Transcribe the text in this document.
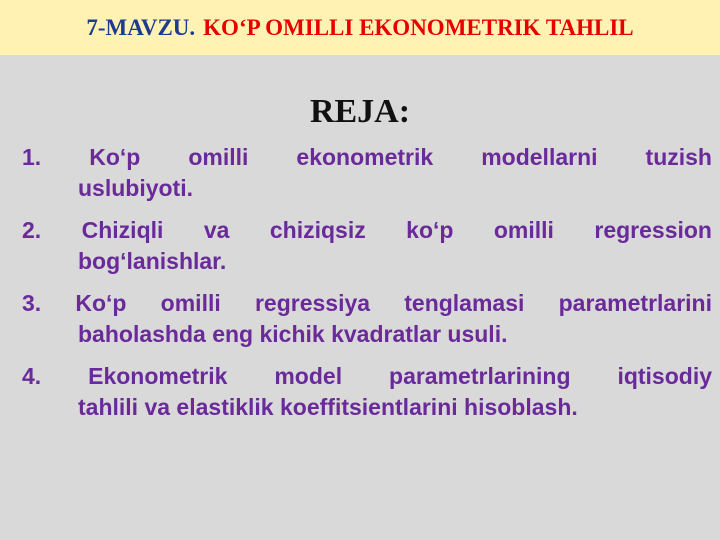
7-MAVZU. KO‘P OMILLI EKONOMETRIK TAHLIL
REJA:
1. Ko‘p omilli ekonometrik modellarni tuzish
uslubiyoti.
2. Chiziqli va chiziqsiz ko‘p omilli regression
bog‘lanishlar.
3. Ko‘p omilli regressiya tenglamasi parametrlarini
baholashda eng kichik kvadratlar usuli.
4. Ekonometrik model parametrlarining iqtisodiy
tahlili va elastiklik koeffitsientlarini hisoblash.
